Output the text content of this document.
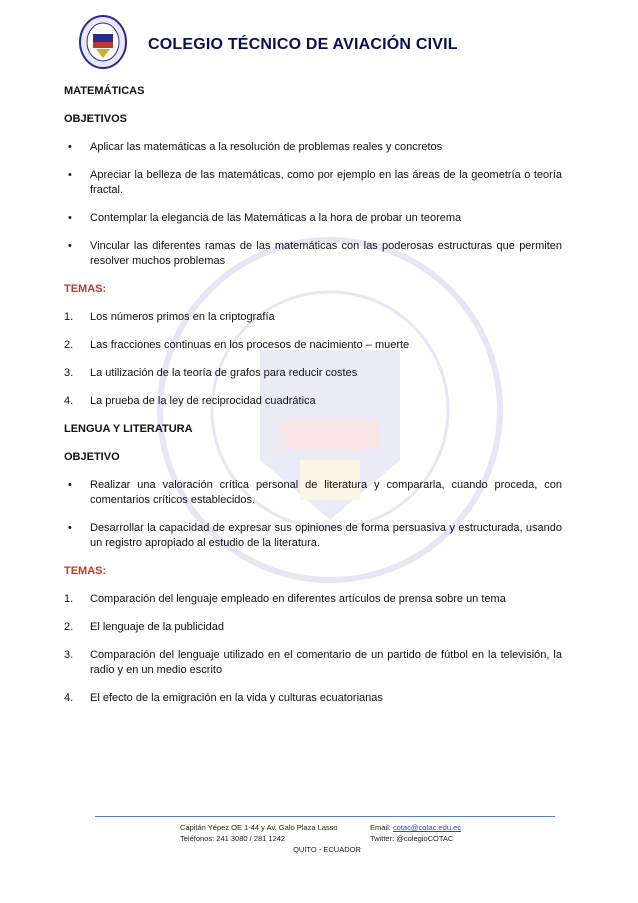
COLEGIO TÉCNICO DE AVIACIÓN CIVIL

MATEMÁTICAS

OBJETIVOS

•	Aplicar las matemáticas a la resolución de problemas reales y concretos
•	Apreciar la belleza de las matemáticas, como por ejemplo en las áreas de la geometría o teoría fractal.
•	Contemplar la elegancia de las Matemáticas a la hora de probar un teorema
•	Vincular las diferentes ramas de las matemáticas con las poderosas estructuras que permiten resolver muchos problemas

TEMAS:

1.	Los números primos en la criptografía
2.	Las fracciones continuas en los procesos de nacimiento – muerte
3.	La utilización de la teoría de grafos para reducir costes
4.	La prueba de la ley de reciprocidad cuadrática

LENGUA Y LITERATURA

OBJETIVO

•	Realizar una valoración crítica personal de literatura y compararla, cuando proceda, con comentarios críticos establecidos.
•	Desarrollar la capacidad de expresar sus opiniones de forma persuasiva y estructurada, usando un registro apropiado al estudio de la literatura.

TEMAS:

1.	Comparación del lenguaje empleado en diferentes artículos de prensa sobre un tema
2.	El lenguaje de la publicidad
3.	Comparación del lenguaje utilizado en el comentario de un partido de fútbol en la televisión, la radio y en un medio escrito
4.	El efecto de la emigración en la vida y culturas ecuatorianas
Capitán Yépez OE 1-44 y Av. Galo Plaza Lasso
Teléfonos: 241 3080 / 281 1242
Email: cotac@cotac.edu.ec
Twitter: @colegioCOTAC
QUITO - ECUADOR
